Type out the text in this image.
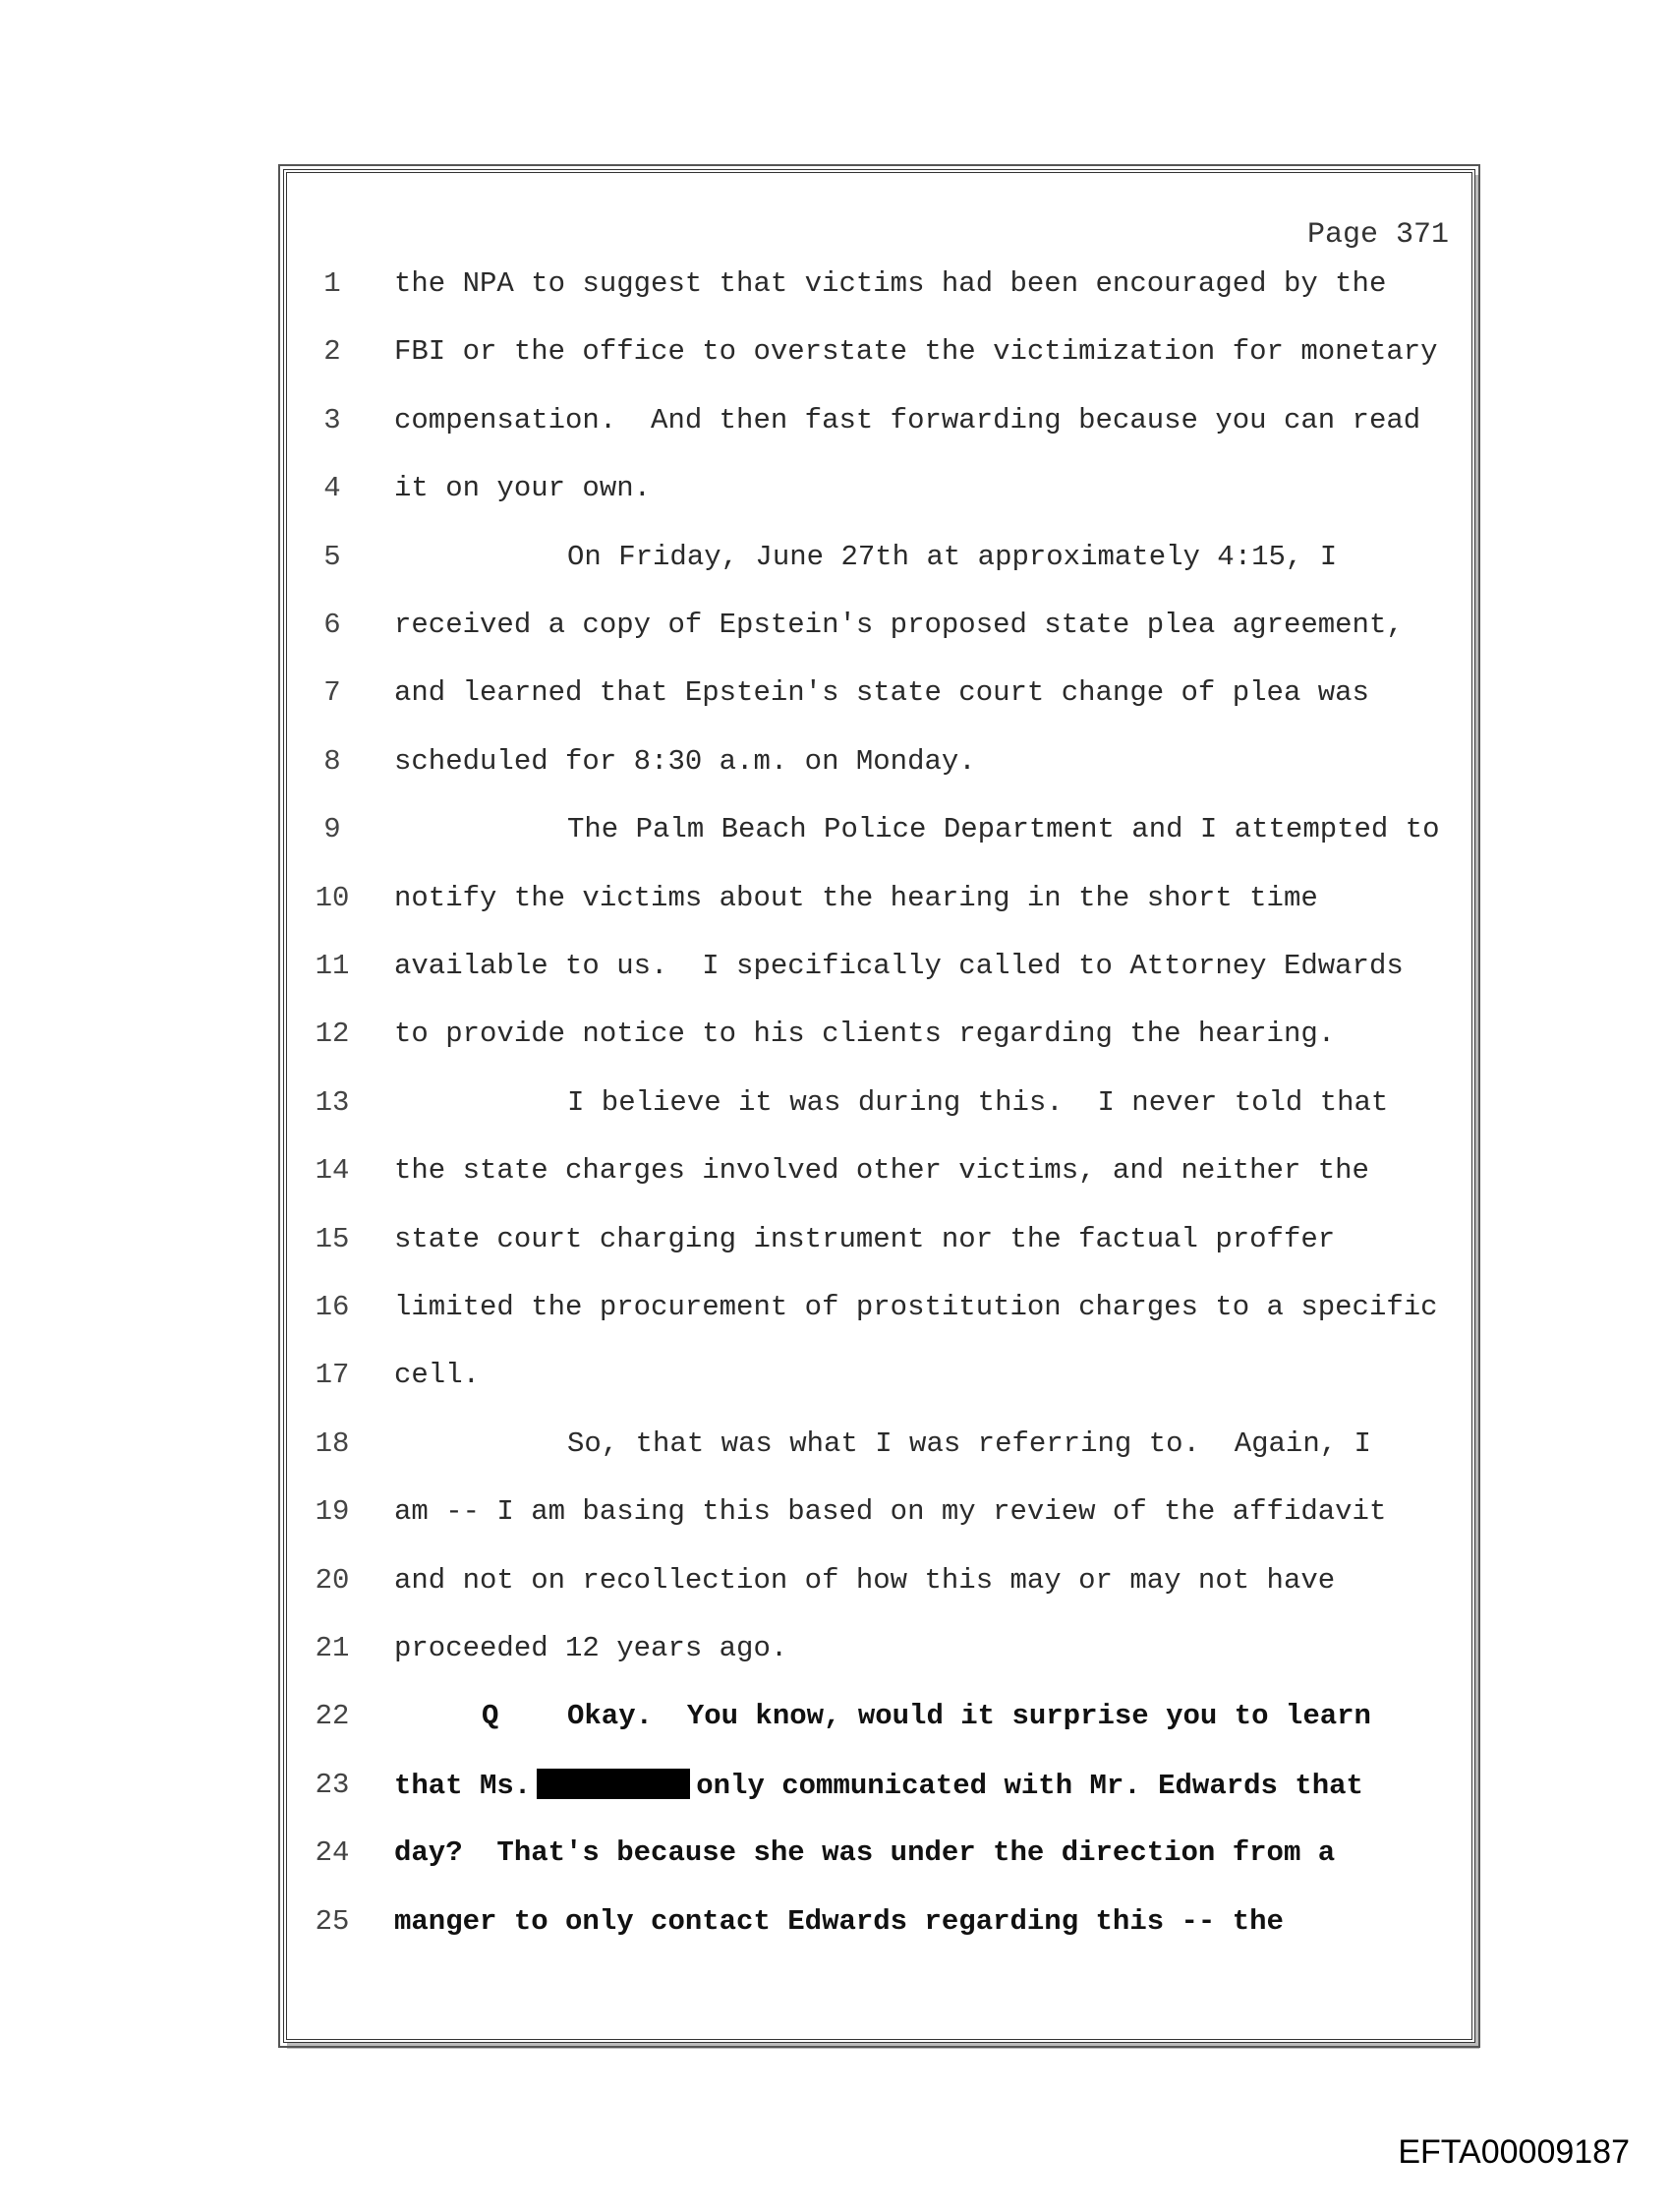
Page 371
1	the NPA to suggest that victims had been encouraged by the
2	FBI or the office to overstate the victimization for monetary
3	compensation.  And then fast forwarding because you can read
4	it on your own.
5	On Friday, June 27th at approximately 4:15, I
6	received a copy of Epstein's proposed state plea agreement,
7	and learned that Epstein's state court change of plea was
8	scheduled for 8:30 a.m. on Monday.
9	The Palm Beach Police Department and I attempted to
10 notify the victims about the hearing in the short time
11 available to us.  I specifically called to Attorney Edwards
12 to provide notice to his clients regarding the hearing.
13	I believe it was during this.  I never told that
14 the state charges involved other victims, and neither the
15 state court charging instrument nor the factual proffer
16 limited the procurement of prostitution charges to a specific
17 cell.
18	So, that was what I was referring to.  Again, I
19 am -- I am basing this based on my review of the affidavit
20 and not on recollection of how this may or may not have
21 proceeded 12 years ago.
22	Q Okay.  You know, would it surprise you to learn
23 that Ms.	only communicated with Mr. Edwards that
24 day?  That's because she was under the direction from a
25 manger to only contact Edwards regarding this -- the
EFTA00009187
